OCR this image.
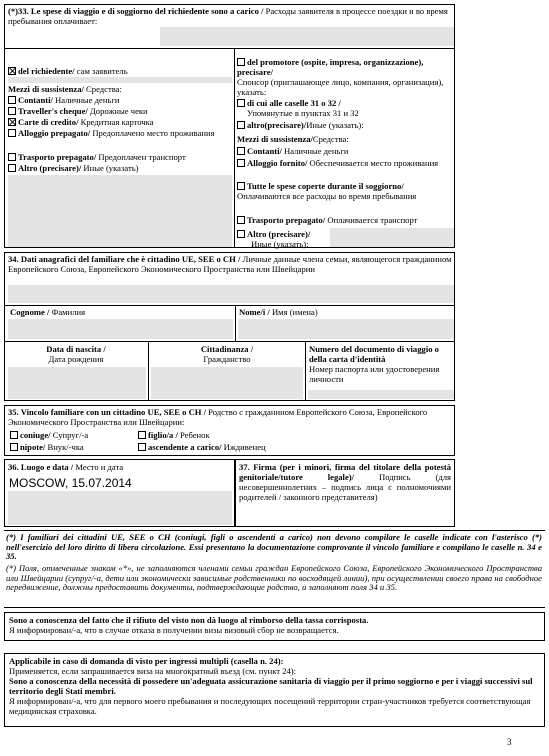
(*)33. Le spese di viaggio e di soggiorno del richiedente sono a carico / Расходы заявителя в процессе поездки и во время пребывания оплачивает:
del richiedente/ сам заявитель
Mezzi di sussistenza/ Средства:
Contanti/ Наличные деньги
Traveller's cheque/ Дорожные чеки
Carte di credito/ Кредитная карточка
Alloggio prepagato/ Предоплачено место проживания
Trasporto prepagato/ Предоплачен транспорт
Altro (precisare)/ Иные (указать)
del promotore (ospite, impresa, organizzazione), precisare/
Спонсор (приглашающее лицо, компания, организация), указать:
di cui alle caselle 31 o 32 /
Упомянутые в пунктах 31 и 32
altro(precisare)/Иные (указать):
Mezzi di sussistenza/Средства:
Contanti/ Наличные деньги
Alloggio fornito/ Обеспечивается место проживания
Tutte le spese coperte durante il soggiorno/ Оплачиваются все расходы во время пребывания
Trasporto prepagato/ Оплачивается транспорт
Altro (precisare)/
Иные (указать):
34. Dati anagrafici del familiare che è cittadino UE, SEE o CH / Личные данные члена семьи, являющегося гражданином Европейского Союза, Европейского Экономического Пространства или Швейцарии
Cognome / Фамилия	Nome/i / Имя (имена)
Data di nascita /
Дата рождения
Cittadinanza /
Гражданство
Numero del documento di viaggio o della carta d'identità
Номер паспорта или удостоверения личности
35. Vincolo familiare con un cittadino UE, SEE o CH / Родство с гражданином Европейского Союза, Европейского Экономического Пространства или Швейцарии:
coniuge/ Супруг/-а	figlio/a / Ребенок
nipote/ Внук/-чка	ascendente a carico/ Иждивенец
36. Luogo e data / Место и дата
MOSCOW, 15.07.2014
37. Firma (per i minori, firma del titolare della potestà genitoriale/tutore legale)/ Подпись (для несовершеннолетних – подпись лица с полномочиями родителей / законного представителя)
(*) I familiari dei cittadini UE, SEE o CH (coniugi, figli o ascendenti a carico) non devono compilare le caselle indicate con l'asterisco (*) nell'esercizio del loro diritto di libera circolazione. Essi presentano la documentazione comprovante il vincolo familiare e compilano le caselle n. 34 e 35.
(*) Поля, отмеченные знаком «*», не заполняются членами семьи граждан Европейского Союза, Европейского Экономического Пространства или Швейцарии (супруг/-а, дети или экономически зависимые родственники по восходящей линии), при осуществлении своего права на свободное передвижение, должны предоставить документы, подтверждающие родство, и заполняют поля 34 и 35.
Sono a conoscenza del fatto che il rifiuto del visto non dà luogo al rimborso della tassa corrisposta.
Я информирован/-а, что в случае отказа в получении визы визовый сбор не возвращается.
Applicabile in caso di domanda di visto per ingressi multipli (casella n. 24):
Применяется, если запрашивается виза на многократный въезд (см. пункт 24):
Sono a conoscenza della necessità di possedere un'adeguata assicurazione sanitaria di viaggio per il primo soggiorno e per i viaggi successivi sul territorio degli Stati membri.
Я информирован/-а, что для первого моего пребывания и последующих посещений территории стран-участников требуется соответствующая медицинская страховка.
3
